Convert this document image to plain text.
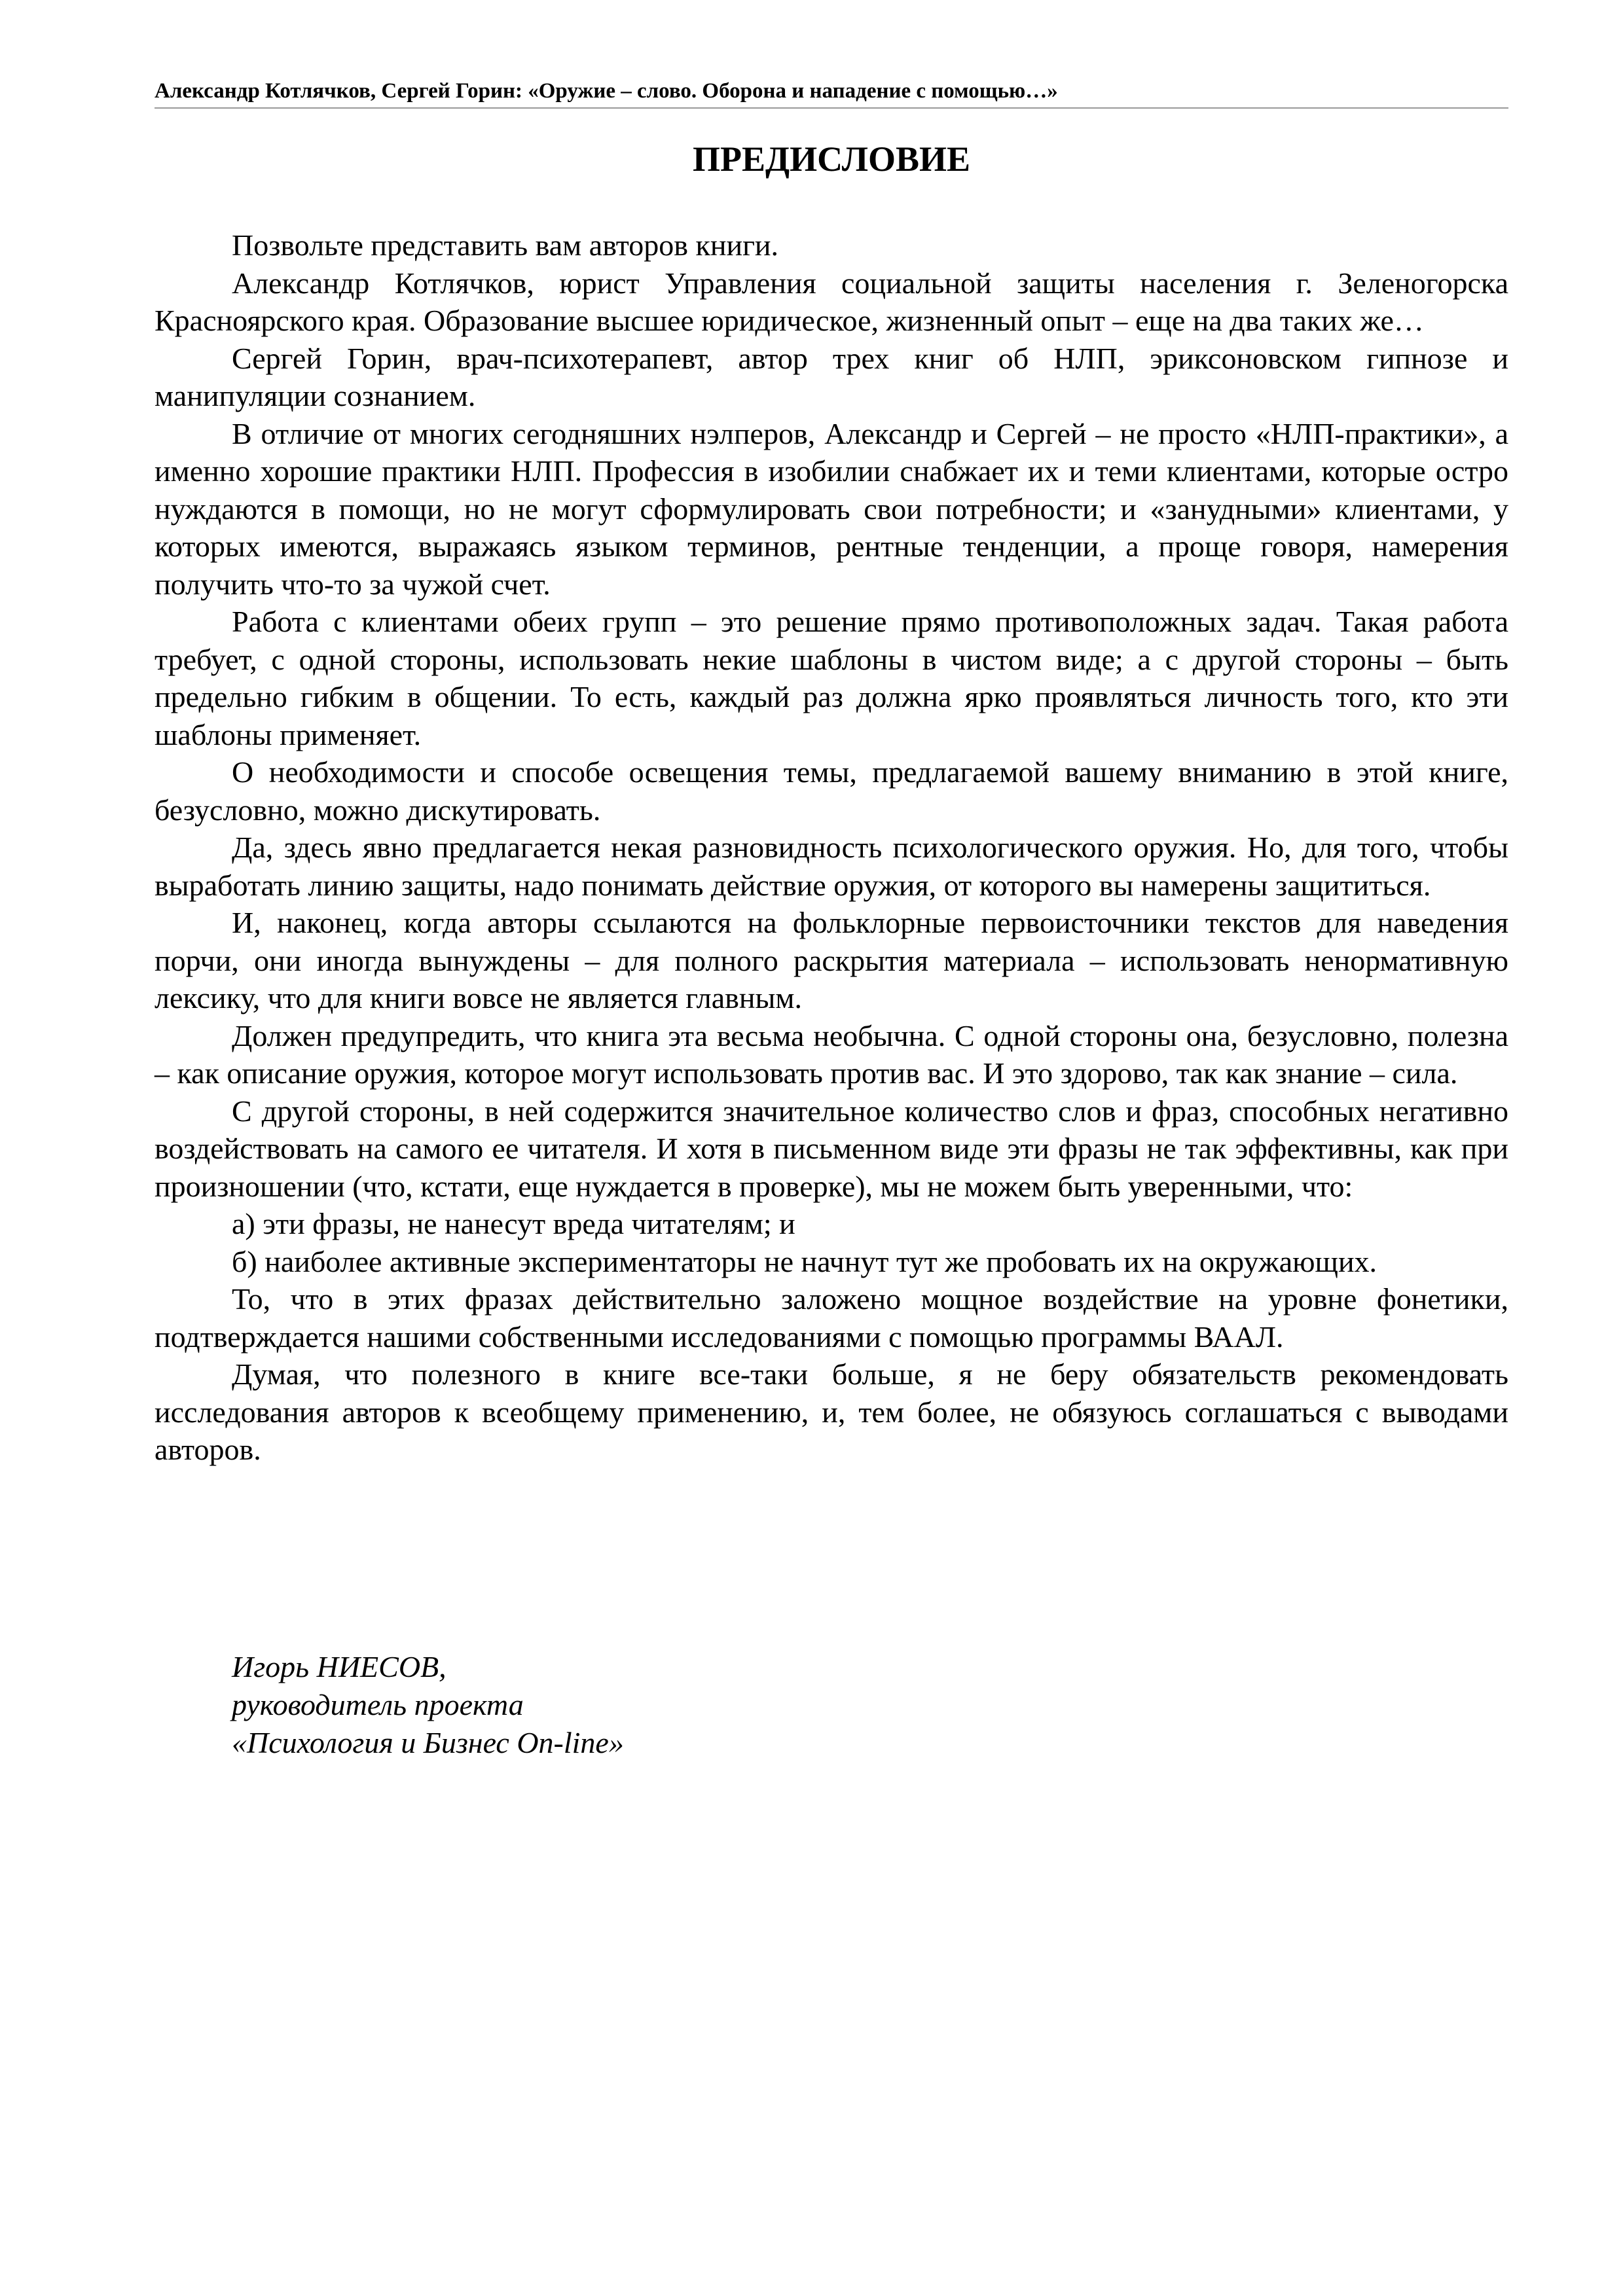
Александр Котлячков, Сергей Горин: «Оружие – слово. Оборона и нападение с помощью…»
ПРЕДИСЛОВИЕ

Позвольте представить вам авторов книги.

Александр Котлячков, юрист Управления социальной защиты населения г. Зеленогорска Красноярского края. Образование высшее юридическое, жизненный опыт – еще на два таких же…

Сергей Горин, врач-психотерапевт, автор трех книг об НЛП, эриксоновском гипнозе и манипуляции сознанием.

В отличие от многих сегодняшних нэлперов, Александр и Сергей – не просто «НЛП-практики», а именно хорошие практики НЛП. Профессия в изобилии снабжает их и теми клиентами, которые остро нуждаются в помощи, но не могут сформулировать свои потребности; и «занудными» клиентами, у которых имеются, выражаясь языком терминов, рентные тенденции, а проще говоря, намерения получить что-то за чужой счет.

Работа с клиентами обеих групп – это решение прямо противоположных задач. Такая работа требует, с одной стороны, использовать некие шаблоны в чистом виде; а с другой стороны – быть предельно гибким в общении. То есть, каждый раз должна ярко проявляться личность того, кто эти шаблоны применяет.

О необходимости и способе освещения темы, предлагаемой вашему вниманию в этой книге, безусловно, можно дискутировать.

Да, здесь явно предлагается некая разновидность психологического оружия. Но, для того, чтобы выработать линию защиты, надо понимать действие оружия, от которого вы намерены защититься.

И, наконец, когда авторы ссылаются на фольклорные первоисточники текстов для наведения порчи, они иногда вынуждены – для полного раскрытия материала – использовать ненормативную лексику, что для книги вовсе не является главным.

Должен предупредить, что книга эта весьма необычна. С одной стороны она, безусловно, полезна – как описание оружия, которое могут использовать против вас. И это здорово, так как знание – сила.

С другой стороны, в ней содержится значительное количество слов и фраз, способных негативно воздействовать на самого ее читателя. И хотя в письменном виде эти фразы не так эффективны, как при произношении (что, кстати, еще нуждается в проверке), мы не можем быть уверенными, что:

а) эти фразы, не нанесут вреда читателям; и

б) наиболее активные экспериментаторы не начнут тут же пробовать их на окружающих.

То, что в этих фразах действительно заложено мощное воздействие на уровне фонетики, подтверждается нашими собственными исследованиями с помощью программы ВААЛ.

Думая, что полезного в книге все-таки больше, я не беру обязательств рекомендовать исследования авторов к всеобщему применению, и, тем более, не обязуюсь соглашаться с выводами авторов.

Игорь НИЕСОВ,
руководитель проекта
«Психология и Бизнес On-line»
